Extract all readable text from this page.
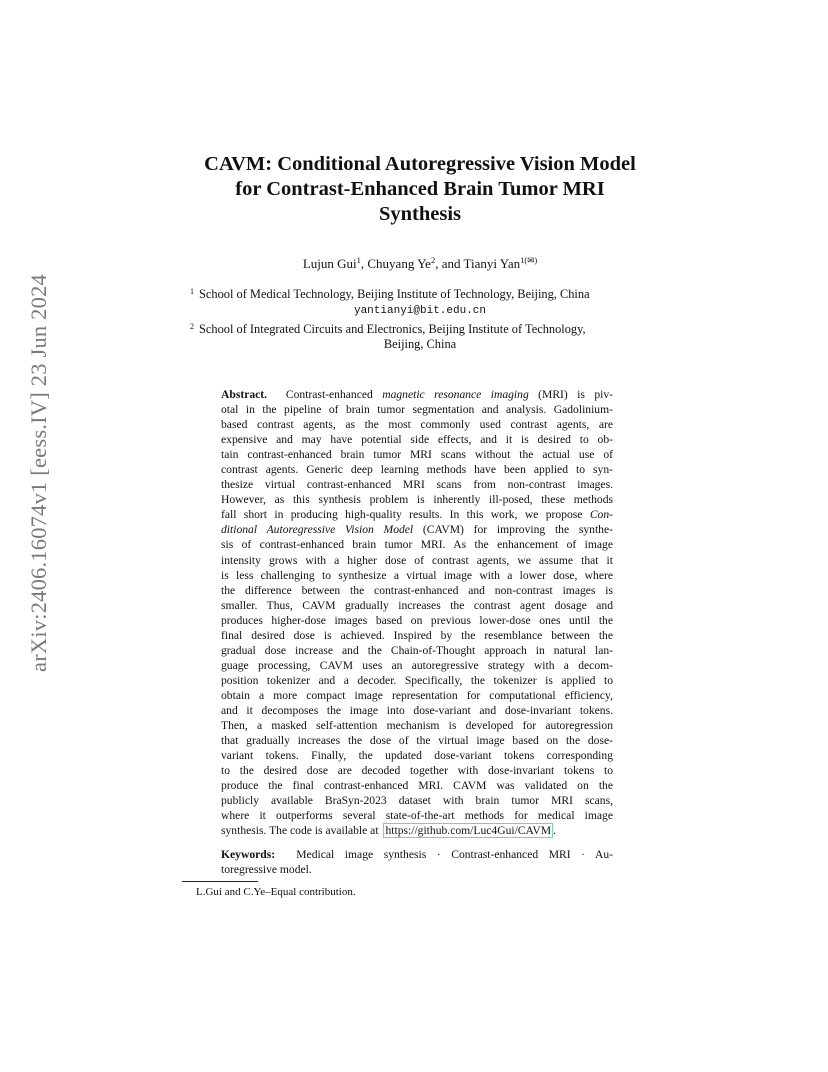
arXiv:2406.16074v1 [eess.IV] 23 Jun 2024
CAVM: Conditional Autoregressive Vision Model
for Contrast-Enhanced Brain Tumor MRI
Synthesis
Lujun Gui$^1$, Chuyang Ye$^2$, and Tianyi Yan$^{1(✉)}$
$^1$ School of Medical Technology, Beijing Institute of Technology, Beijing, China
yantianyi@bit.edu.cn
$^2$ School of Integrated Circuits and Electronics, Beijing Institute of Technology,
Beijing, China
Abstract. Contrast-enhanced magnetic resonance imaging (MRI) is piv-
otal in the pipeline of brain tumor segmentation and analysis. Gadolinium-
based contrast agents, as the most commonly used contrast agents, are
expensive and may have potential side effects, and it is desired to ob-
tain contrast-enhanced brain tumor MRI scans without the actual use of
contrast agents. Generic deep learning methods have been applied to syn-
thesize virtual contrast-enhanced MRI scans from non-contrast images.
However, as this synthesis problem is inherently ill-posed, these methods
fall short in producing high-quality results. In this work, we propose Con-
ditional Autoregressive Vision Model (CAVM) for improving the synthe-
sis of contrast-enhanced brain tumor MRI. As the enhancement of image
intensity grows with a higher dose of contrast agents, we assume that it
is less challenging to synthesize a virtual image with a lower dose, where
the difference between the contrast-enhanced and non-contrast images is
smaller. Thus, CAVM gradually increases the contrast agent dosage and
produces higher-dose images based on previous lower-dose ones until the
final desired dose is achieved. Inspired by the resemblance between the
gradual dose increase and the Chain-of-Thought approach in natural lan-
guage processing, CAVM uses an autoregressive strategy with a decom-
position tokenizer and a decoder. Specifically, the tokenizer is applied to
obtain a more compact image representation for computational efficiency,
and it decomposes the image into dose-variant and dose-invariant tokens.
Then, a masked self-attention mechanism is developed for autoregression
that gradually increases the dose of the virtual image based on the dose-
variant tokens. Finally, the updated dose-variant tokens corresponding
to the desired dose are decoded together with dose-invariant tokens to
produce the final contrast-enhanced MRI. CAVM was validated on the
publicly available BraSyn-2023 dataset with brain tumor MRI scans,
where it outperforms several state-of-the-art methods for medical image
synthesis. The code is available at https://github.com/Luc4Gui/CAVM .
Keywords: Medical image synthesis · Contrast-enhanced MRI · Au-
toregressive model.
L.Gui and C.Ye–Equal contribution.
